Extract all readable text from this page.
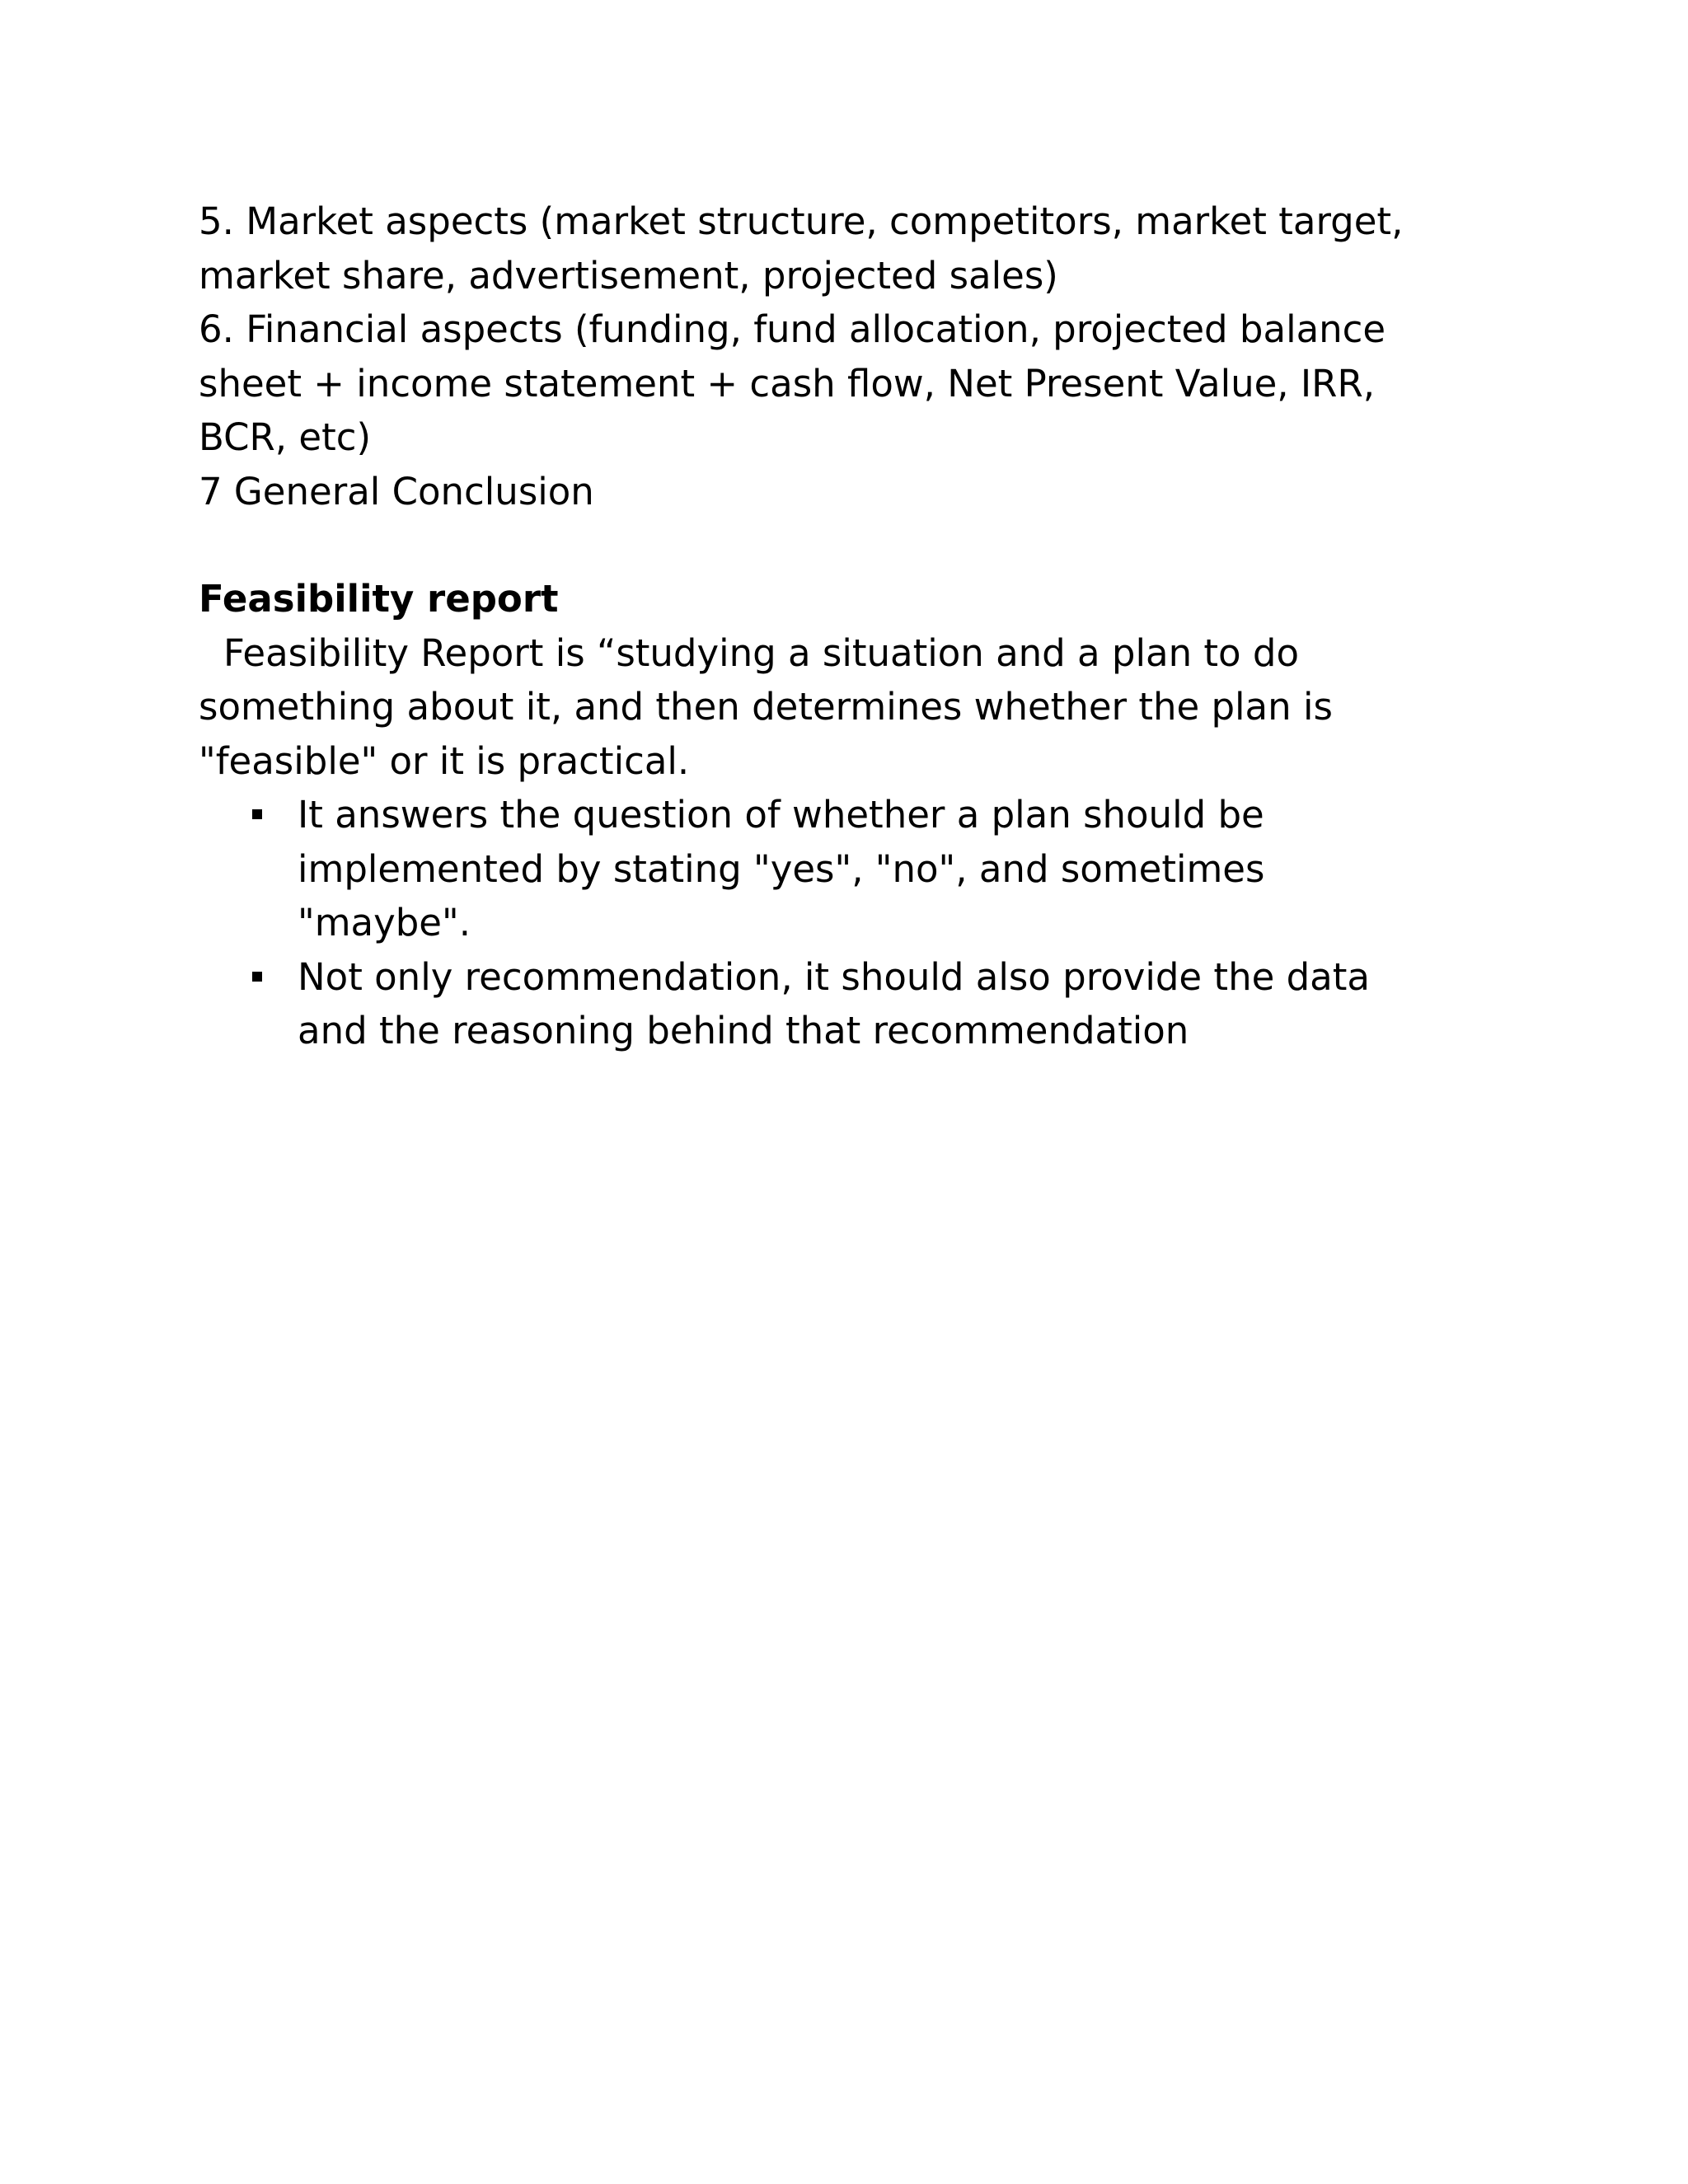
5. Market aspects (market structure, competitors, market target,
market share, advertisement, projected sales)
6. Financial aspects (funding, fund allocation, projected balance
sheet + income statement + cash flow, Net Present Value, IRR,
BCR, etc)
7 General Conclusion
Feasibility report
Feasibility Report is “studying a situation and a plan to do
something about it, and then determines whether the plan is
"feasible" or it is practical.
It answers the question of whether a plan should be
implemented by stating "yes", "no", and sometimes
"maybe".
Not only recommendation, it should also provide the data
and the reasoning behind that recommendation
